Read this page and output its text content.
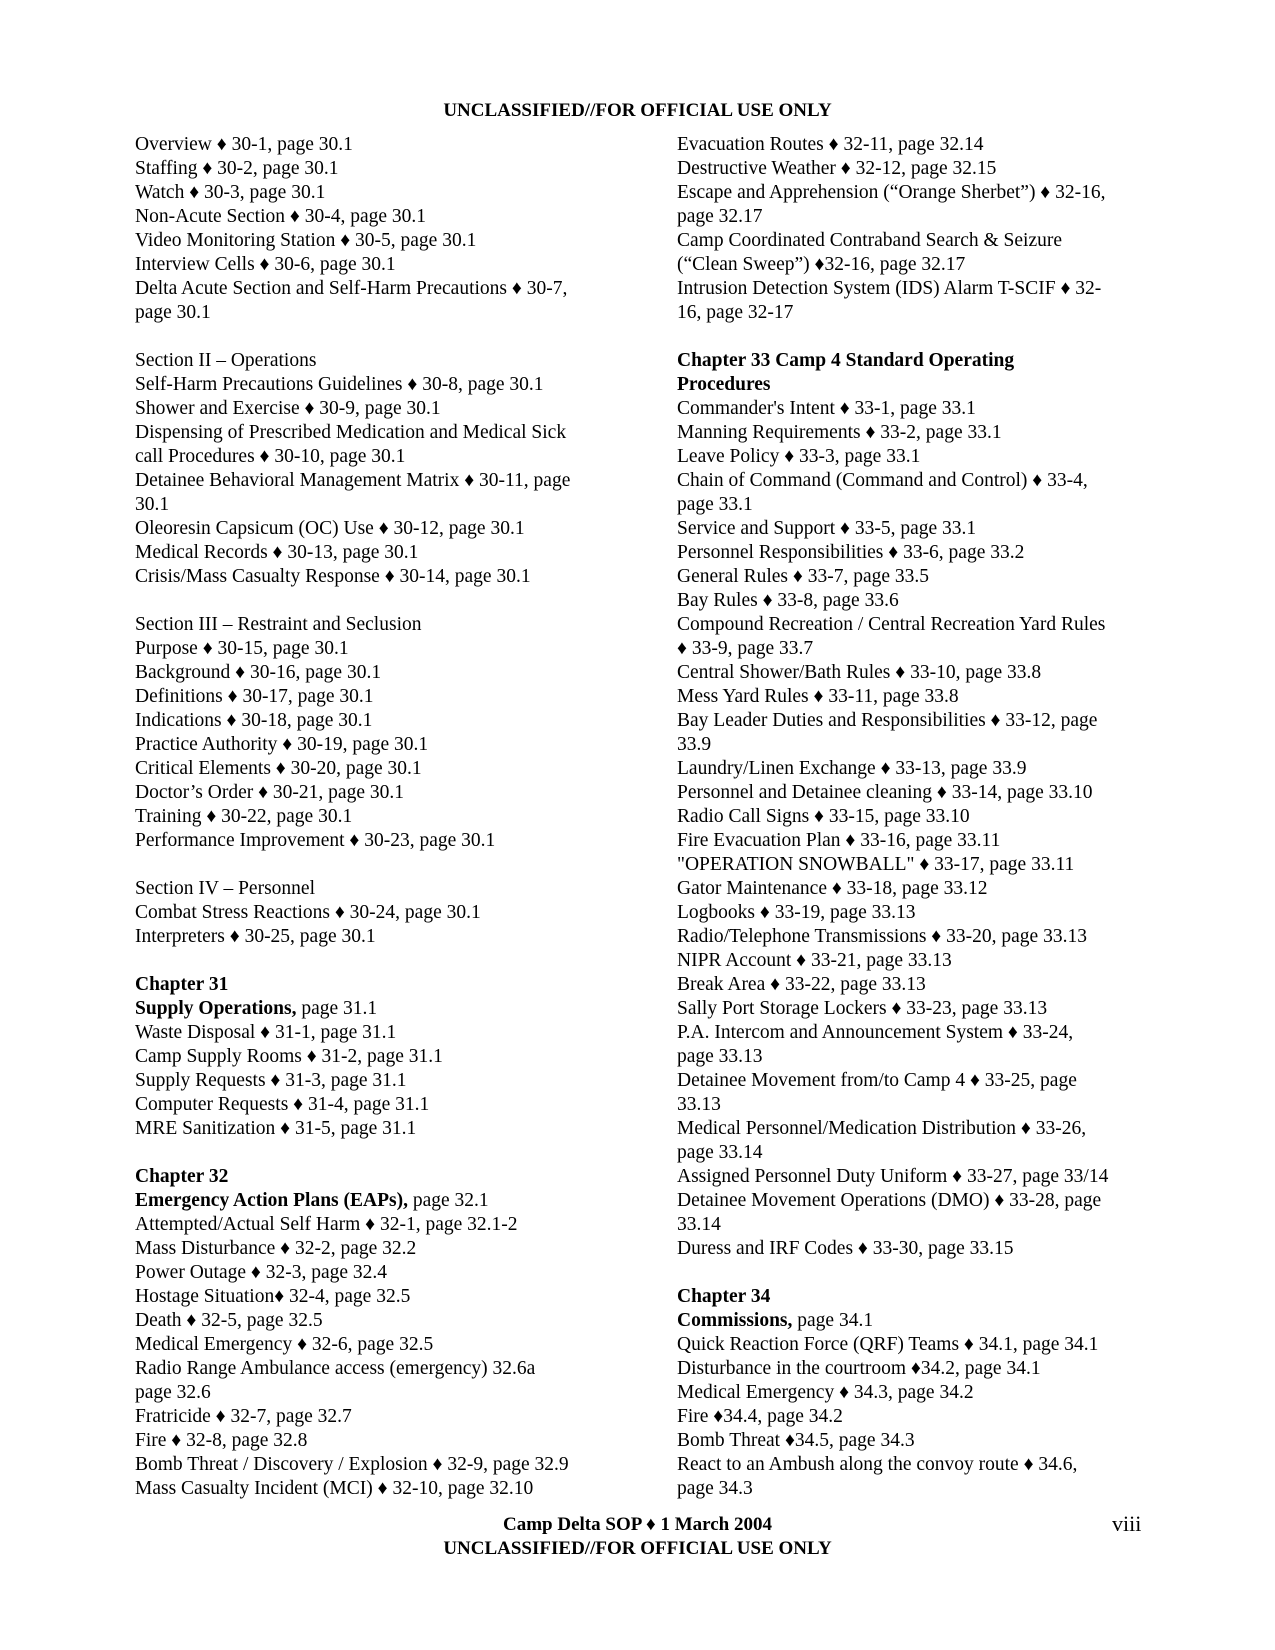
UNCLASSIFIED//FOR OFFICIAL USE ONLY
Overview ♦ 30-1, page 30.1
Staffing ♦ 30-2, page 30.1
Watch ♦ 30-3, page 30.1
Non-Acute Section ♦ 30-4, page 30.1
Video Monitoring Station ♦ 30-5, page 30.1
Interview Cells ♦ 30-6, page 30.1
Delta Acute Section and Self-Harm Precautions ♦ 30-7,
page 30.1
Section II – Operations
Self-Harm Precautions Guidelines ♦ 30-8, page 30.1
Shower and Exercise ♦ 30-9, page 30.1
Dispensing of Prescribed Medication and Medical Sick
call Procedures ♦ 30-10, page 30.1
Detainee Behavioral Management Matrix ♦ 30-11, page
30.1
Oleoresin Capsicum (OC) Use ♦ 30-12, page 30.1
Medical Records ♦ 30-13, page 30.1
Crisis/Mass Casualty Response ♦ 30-14, page 30.1
Section III – Restraint and Seclusion
Purpose ♦ 30-15, page 30.1
Background ♦ 30-16, page 30.1
Definitions ♦ 30-17, page 30.1
Indications ♦ 30-18, page 30.1
Practice Authority ♦ 30-19, page 30.1
Critical Elements ♦ 30-20, page 30.1
Doctor’s Order ♦ 30-21, page 30.1
Training ♦ 30-22, page 30.1
Performance Improvement ♦ 30-23, page 30.1
Section IV – Personnel
Combat Stress Reactions ♦ 30-24, page 30.1
Interpreters ♦ 30-25, page 30.1
Chapter 31
Supply Operations, page 31.1
Waste Disposal ♦ 31-1, page 31.1
Camp Supply Rooms ♦ 31-2, page 31.1
Supply Requests ♦ 31-3, page 31.1
Computer Requests ♦ 31-4, page 31.1
MRE Sanitization ♦ 31-5, page 31.1
Chapter 32
Emergency Action Plans (EAPs), page 32.1
Attempted/Actual Self Harm ♦ 32-1, page 32.1-2
Mass Disturbance ♦ 32-2, page 32.2
Power Outage ♦ 32-3, page 32.4
Hostage Situation♦ 32-4, page 32.5
Death ♦ 32-5, page 32.5
Medical Emergency ♦ 32-6, page 32.5
Radio Range Ambulance access (emergency) 32.6a
page 32.6
Fratricide ♦ 32-7, page 32.7
Fire ♦ 32-8, page 32.8
Bomb Threat / Discovery / Explosion ♦ 32-9, page 32.9
Mass Casualty Incident (MCI) ♦ 32-10, page 32.10
Evacuation Routes ♦ 32-11, page 32.14
Destructive Weather ♦ 32-12, page 32.15
Escape and Apprehension (“Orange Sherbet”) ♦ 32-16,
page 32.17
Camp Coordinated Contraband Search & Seizure
(“Clean Sweep”) ♦32-16, page 32.17
Intrusion Detection System (IDS) Alarm T-SCIF ♦ 32-
16, page 32-17
Chapter 33 Camp 4 Standard Operating
Procedures
Commander's Intent ♦ 33-1, page 33.1
Manning Requirements ♦ 33-2, page 33.1
Leave Policy ♦ 33-3, page 33.1
Chain of Command (Command and Control) ♦ 33-4,
page 33.1
Service and Support ♦ 33-5, page 33.1
Personnel Responsibilities ♦ 33-6, page 33.2
General Rules ♦ 33-7, page 33.5
Bay Rules ♦ 33-8, page 33.6
Compound Recreation / Central Recreation Yard Rules
♦ 33-9, page 33.7
Central Shower/Bath Rules ♦ 33-10, page 33.8
Mess Yard Rules ♦ 33-11, page 33.8
Bay Leader Duties and Responsibilities ♦ 33-12, page
33.9
Laundry/Linen Exchange ♦ 33-13, page 33.9
Personnel and Detainee cleaning ♦ 33-14, page 33.10
Radio Call Signs ♦ 33-15, page 33.10
Fire Evacuation Plan ♦ 33-16, page 33.11
"OPERATION SNOWBALL" ♦ 33-17, page 33.11
Gator Maintenance ♦ 33-18, page 33.12
Logbooks ♦ 33-19, page 33.13
Radio/Telephone Transmissions ♦ 33-20, page 33.13
NIPR Account ♦ 33-21, page 33.13
Break Area ♦ 33-22, page 33.13
Sally Port Storage Lockers ♦ 33-23, page 33.13
P.A. Intercom and Announcement System ♦ 33-24,
page 33.13
Detainee Movement from/to Camp 4 ♦ 33-25, page
33.13
Medical Personnel/Medication Distribution ♦ 33-26,
page 33.14
Assigned Personnel Duty Uniform ♦ 33-27, page 33/14
Detainee Movement Operations (DMO) ♦ 33-28, page
33.14
Duress and IRF Codes ♦ 33-30, page 33.15
Chapter 34
Commissions, page 34.1
Quick Reaction Force (QRF) Teams ♦ 34.1, page 34.1
Disturbance in the courtroom ♦34.2, page 34.1
Medical Emergency ♦ 34.3, page 34.2
Fire ♦34.4, page 34.2
Bomb Threat ♦34.5, page 34.3
React to an Ambush along the convoy route ♦ 34.6,
page 34.3
Camp Delta SOP ♦ 1 March 2004	viii
UNCLASSIFIED//FOR OFFICIAL USE ONLY
